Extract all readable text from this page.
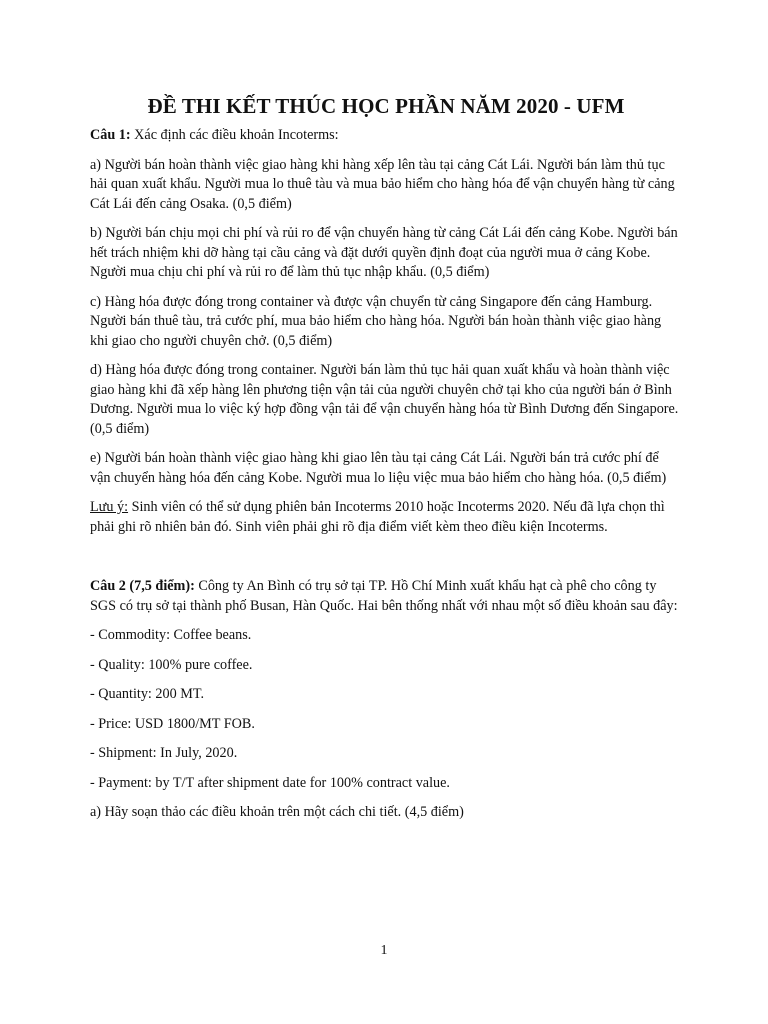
ĐỀ THI KẾT THÚC HỌC PHẦN NĂM 2020 - UFM

Câu 1: Xác định các điều khoản Incoterms:

a) Người bán hoàn thành việc giao hàng khi hàng xếp lên tàu tại cảng Cát Lái. Người bán làm thủ tục hải quan xuất khẩu. Người mua lo thuê tàu và mua bảo hiểm cho hàng hóa để vận chuyển hàng từ cảng Cát Lái đến cảng Osaka. (0,5 điểm)

b) Người bán chịu mọi chi phí và rủi ro để vận chuyển hàng từ cảng Cát Lái đến cảng Kobe. Người bán hết trách nhiệm khi dỡ hàng tại cầu cảng và đặt dưới quyền định đoạt của người mua ở cảng Kobe. Người mua chịu chi phí và rủi ro để làm thủ tục nhập khẩu. (0,5 điểm)

c) Hàng hóa được đóng trong container và được vận chuyển từ cảng Singapore đến cảng Hamburg. Người bán thuê tàu, trả cước phí, mua bảo hiểm cho hàng hóa. Người bán hoàn thành việc giao hàng khi giao cho người chuyên chở. (0,5 điểm)

d) Hàng hóa được đóng trong container. Người bán làm thủ tục hải quan xuất khẩu và hoàn thành việc giao hàng khi đã xếp hàng lên phương tiện vận tải của người chuyên chở tại kho của người bán ở Bình Dương. Người mua lo việc ký hợp đồng vận tải để vận chuyển hàng hóa từ Bình Dương đến Singapore. (0,5 điểm)

e) Người bán hoàn thành việc giao hàng khi giao lên tàu tại cảng Cát Lái. Người bán trả cước phí để vận chuyển hàng hóa đến cảng Kobe. Người mua lo liệu việc mua bảo hiểm cho hàng hóa. (0,5 điểm)

Lưu ý: Sinh viên có thể sử dụng phiên bản Incoterms 2010 hoặc Incoterms 2020. Nếu đã lựa chọn thì phải ghi rõ nhiên bản đó. Sinh viên phải ghi rõ địa điểm viết kèm theo điều kiện Incoterms.

Câu 2 (7,5 điểm): Công ty An Bình có trụ sở tại TP. Hồ Chí Minh xuất khẩu hạt cà phê cho công ty SGS có trụ sở tại thành phố Busan, Hàn Quốc. Hai bên thống nhất với nhau một số điều khoản sau đây:

- Commodity: Coffee beans.

- Quality: 100% pure coffee.

- Quantity: 200 MT.

- Price: USD 1800/MT FOB.

- Shipment: In July, 2020.

- Payment: by T/T after shipment date for 100% contract value.

a) Hãy soạn thảo các điều khoản trên một cách chi tiết. (4,5 điểm)

1
